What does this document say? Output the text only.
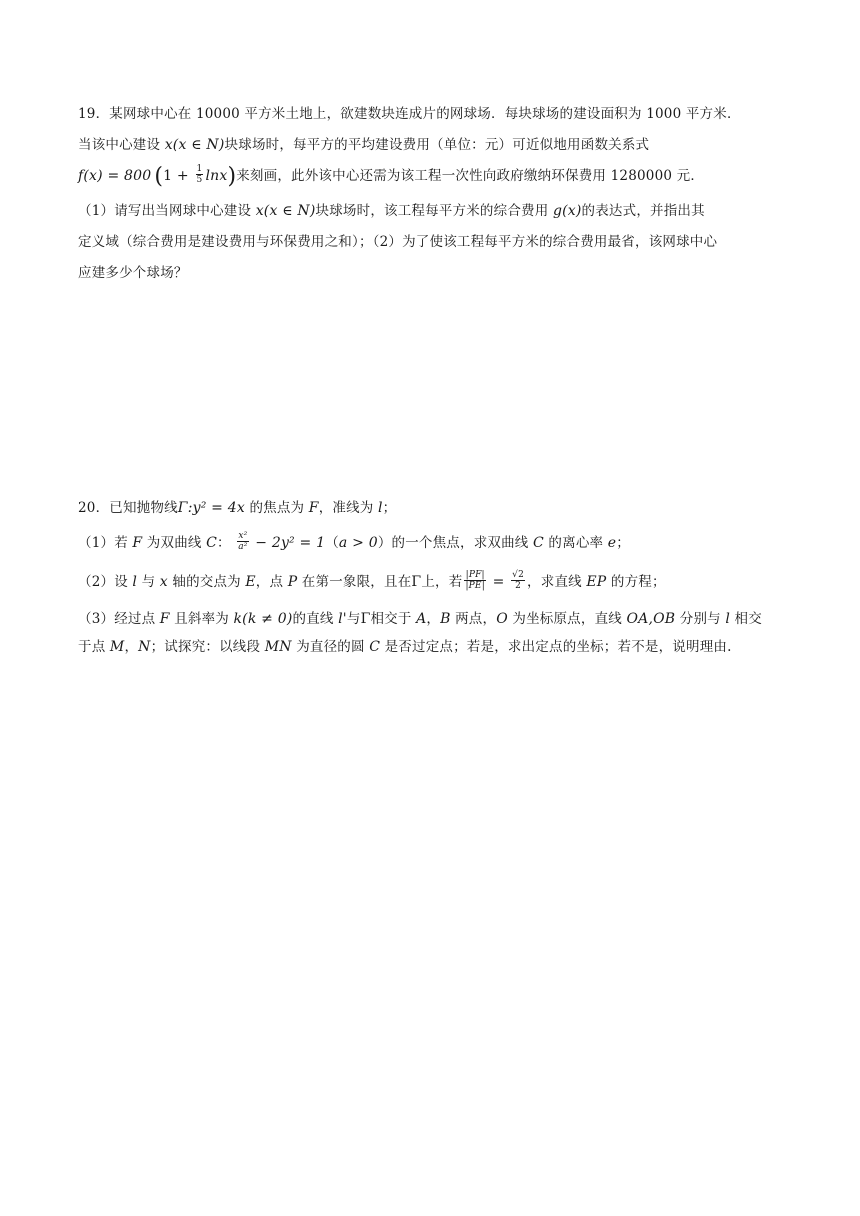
19．某网球中心在 10000 平方米土地上，欲建数块连成片的网球场．每块球场的建设面积为 1000 平方米．
当该中心建设 x(x ∈ N)块球场时，每平方的平均建设费用（单位：元）可近似地用函数关系式
f(x) = 800 $(1 + \frac{1}{5} \ln x)$来刻画，此外该中心还需为该工程一次性向政府缴纳环保费用 1280000 元．
（1）请写出当网球中心建设 x(x ∈ N)块球场时，该工程每平方米的综合费用 g(x)的表达式，并指出其
定义域（综合费用是建设费用与环保费用之和）；（2）为了使该工程每平方米的综合费用最省，该网球中心
应建多少个球场？
20．已知抛物线Γ:y² = 4x 的焦点为 F，准线为 l；
（1）若 F 为双曲线 C： $\frac{\text{x²}}{\text{a²}} - 2y^2 = 1(a > 0)$的一个焦点，求双曲线 C 的离心率 e；
（2）设 l 与 x 轴的交点为 E，点 P 在第一象限，且在Γ上，若 $\frac{|PF|}{|PE|} = \frac{√2}{2}$ ，求直线 EP 的方程；
（3）经过点 F 且斜率为 k(k ≠ 0)的直线 l'与Γ相交于 A，B 两点，O 为坐标原点，直线 OA,OB 分别与 l 相交
于点 M，N；试探究：以线段 MN 为直径的圆 C 是否过定点；若是，求出定点的坐标；若不是，说明理由.
